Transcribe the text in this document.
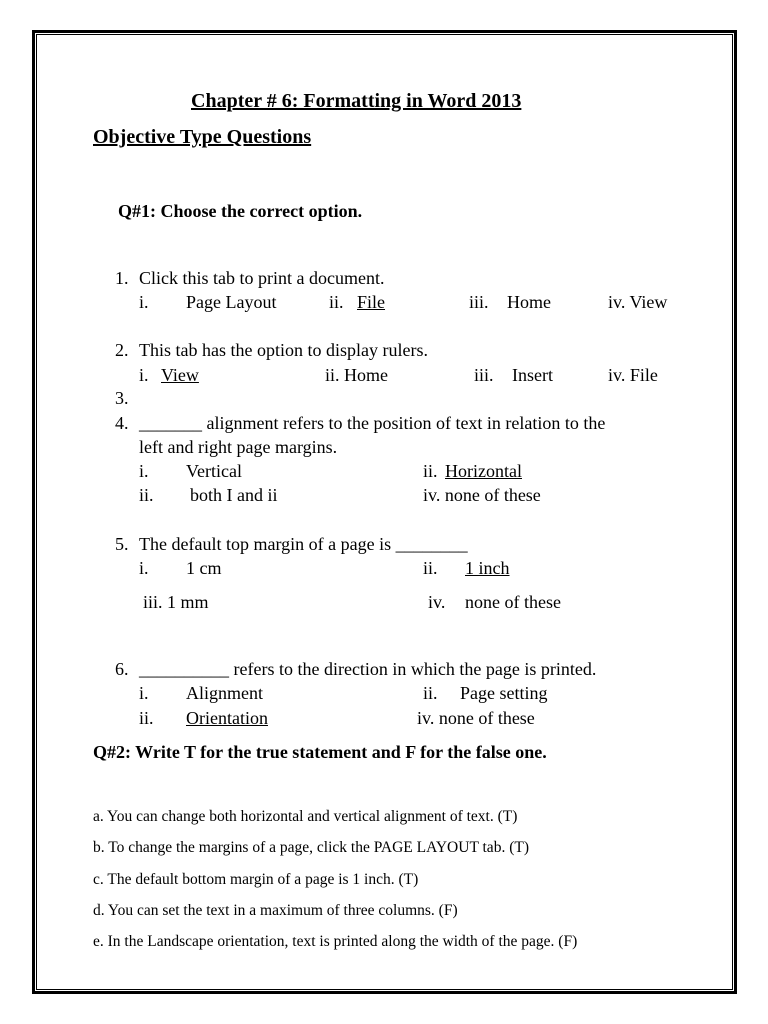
Chapter # 6: Formatting in Word 2013
Objective Type Questions
Q#1: Choose the correct option.
1. Click this tab to print a document.
i. Page Layout	ii. File	iii. Home	iv. View
2. This tab has the option to display rulers.
i. View	ii. Home	iii. Insert	iv. File
3.
4. _______ alignment refers to the position of text in relation to the
left and right page margins.
i. Vertical	ii. Horizontal
ii. both I and ii	iv. none of these
5. The default top margin of a page is ________
i. 1 cm	ii. 1 inch
iii. 1 mm	iv. none of these
6. __________ refers to the direction in which the page is printed.
i. Alignment	ii. Page setting
ii. Orientation	iv. none of these
Q#2: Write T for the true statement and F for the false one.
a. You can change both horizontal and vertical alignment of text. (T)
b. To change the margins of a page, click the PAGE LAYOUT tab. (T)
c. The default bottom margin of a page is 1 inch. (T)
d. You can set the text in a maximum of three columns. (F)
e. In the Landscape orientation, text is printed along the width of the page. (F)
